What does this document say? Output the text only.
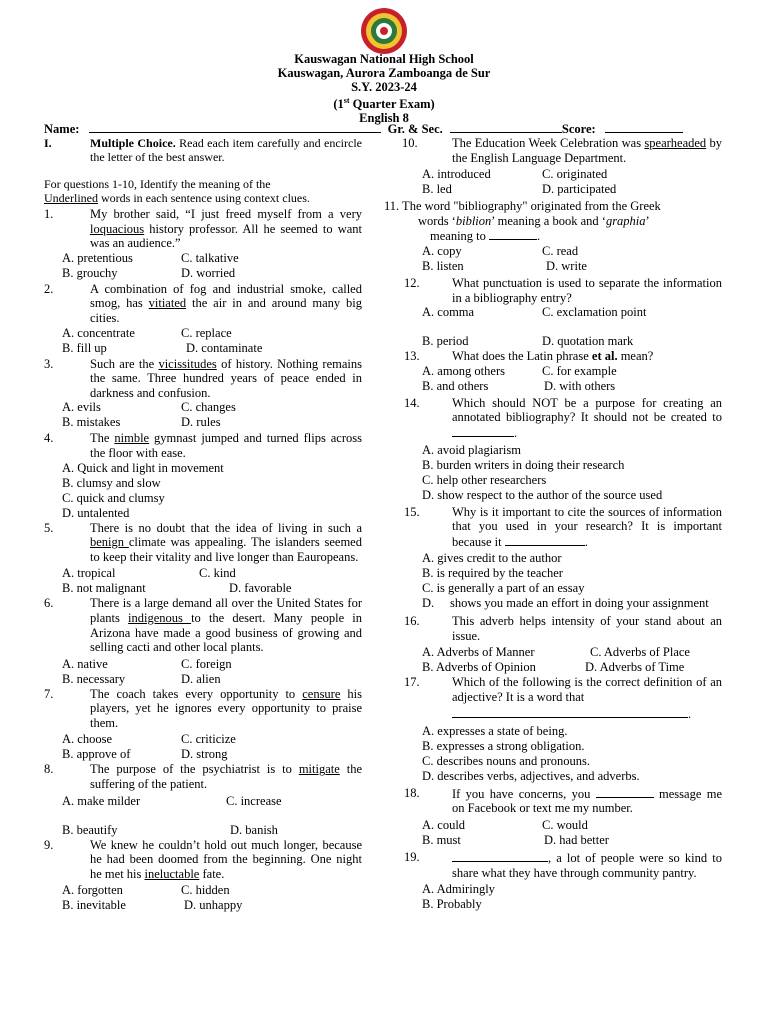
Kauswagan National High School
Kauswagan, Aurora Zamboanga de Sur
S.Y. 2023-24
(1st Quarter Exam)
English 8
Name:	Gr. & Sec.	Score:
I.	Multiple Choice. Read each item carefully and encircle the letter of the best answer.
For questions 1-10, Identify the meaning of the
Underlined words in each sentence using context clues.
1.	My brother said, “I just freed myself from a very loquacious history professor. All he seemed to want was an audience.”
A. pretentious	C. talkative
B. grouchy	D. worried
2.	A combination of fog and industrial smoke, called smog, has vitiated the air in and around many big cities.
A. concentrate	C. replace
B. fill up	D. contaminate
3.	Such are the vicissitudes of history. Nothing remains the same. Three hundred years of peace ended in darkness and confusion.
A. evils	C. changes
B. mistakes	D. rules
4.	The nimble gymnast jumped and turned flips across the floor with ease.
A. Quick and light in movement
B. clumsy and slow
C. quick and clumsy
D. untalented
5.	There is no doubt that the idea of living in such a benign climate was appealing. The islanders seemed to keep their vitality and live longer than Eauropeans.
A. tropical	C. kind
B. not malignant	D. favorable
6.	There is a large demand all over the United States for plants indigenous to the desert. Many people in Arizona have made a good business of growing and selling cacti and other local plants.
A. native	C. foreign
B. necessary	D. alien
7.	The coach takes every opportunity to censure his players, yet he ignores every opportunity to praise them.
A. choose	C. criticize
B. approve of	D. strong
8.	The purpose of the psychiatrist is to mitigate the suffering of the patient.
A. make milder	C. increase
B. beautify	D. banish
9.	We knew he couldn’t hold out much longer, because he had been doomed from the beginning. One night he met his ineluctable fate.
A. forgotten	C. hidden
B. inevitable	D. unhappy
10.	The Education Week Celebration was spearheaded by the English Language Department.
A. introduced	C. originated
B. led	D. participated
11. The word "bibliography" originated from the Greek
words ‘biblion’ meaning a book and ‘graphia’
meaning to	.
A. copy	C. read
B. listen	D. write
12.	What punctuation is used to separate the information in a bibliography entry?
A. comma	C. exclamation point
B. period	D. quotation mark
13.	What does the Latin phrase et al. mean?
A. among others	C. for example
B. and others	D. with others
14.	Which should NOT be a purpose for creating an annotated bibliography? It should not be created to .
A. avoid plagiarism
B. burden writers in doing their research
C. help other researchers
D. show respect to the author of the source used
15.	Why is it important to cite the sources of information that you used in your research? It is important because it	.
A. gives credit to the author
B. is required by the teacher
C. is generally a part of an essay
D. shows you made an effort in doing your assignment
16.	This adverb helps intensity of your stand about an issue.
A. Adverbs of Manner	C. Adverbs of Place
B. Adverbs of Opinion	D. Adverbs of Time
17.	Which of the following is the correct definition of an adjective? It is a word that
.
A. expresses a state of being.
B. expresses a strong obligation.
C. describes nouns and pronouns.
D. describes verbs, adjectives, and adverbs.
18.	If you have concerns, you	message me on Facebook or text me my number.
A. could	C. would
B. must	D. had better
19.	, a lot of people were so kind to share what they have through community pantry.
A. Admiringly
B. Probably
